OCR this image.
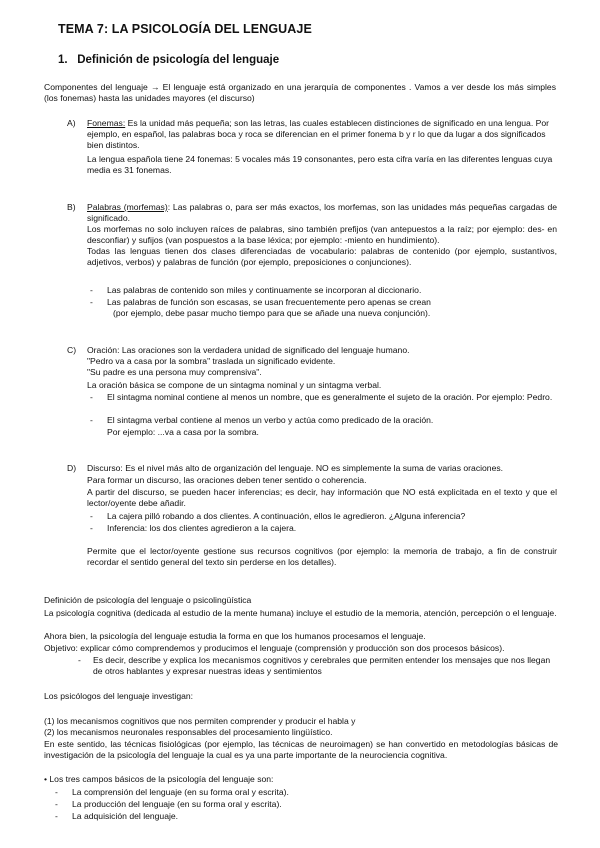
TEMA 7: LA PSICOLOGÍA DEL LENGUAJE
1. Definición de psicología del lenguaje

Componentes del lenguaje → El lenguaje está organizado en una jerarquía de componentes . Vamos a ver desde los más simples (los fonemas) hasta las unidades mayores (el discurso)

A) Fonemas: Es la unidad más pequeña; son las letras, las cuales establecen distinciones de significado en una lengua. Por ejemplo, en español, las palabras boca y roca se diferencian en el primer fonema b y r lo que da lugar a dos significados bien distintos.

La lengua española tiene 24 fonemas: 5 vocales más 19 consonantes, pero esta cifra varía en las diferentes lenguas cuya media es 31 fonemas.

B) Palabras (morfemas): Las palabras o, para ser más exactos, los morfemas, son las unidades más pequeñas cargadas de significado.

Los morfemas no solo incluyen raíces de palabras, sino también prefijos (van antepuestos a la raíz; por ejemplo: des- en desconfiar) y sufijos (van pospuestos a la base léxica; por ejemplo: -miento en hundimiento).

Todas las lenguas tienen dos clases diferenciadas de vocabulario: palabras de contenido (por ejemplo, sustantivos, adjetivos, verbos) y palabras de función (por ejemplo, preposiciones o conjunciones).

- Las palabras de contenido son miles y continuamente se incorporan al diccionario.

- Las palabras de función son escasas, se usan frecuentemente pero apenas se crean

(por ejemplo, debe pasar mucho tiempo para que se añade una nueva conjunción).

C) Oración: Las oraciones son la verdadera unidad de significado del lenguaje humano.

"Pedro va a casa por la sombra" traslada un significado evidente.

"Su padre es una persona muy comprensiva".

La oración básica se compone de un sintagma nominal y un sintagma verbal.

- El sintagma nominal contiene al menos un nombre, que es generalmente el sujeto de la oración. Por ejemplo: Pedro.

- El sintagma verbal contiene al menos un verbo y actúa como predicado de la oración.

Por ejemplo: ...va a casa por la sombra.

D) Discurso: Es el nivel más alto de organización del lenguaje. NO es simplemente la suma de varias oraciones.

Para formar un discurso, las oraciones deben tener sentido o coherencia.

A partir del discurso, se pueden hacer inferencias; es decir, hay información que NO está explicitada en el texto y que el lector/oyente debe añadir.

- La cajera pilló robando a dos clientes. A continuación, ellos le agredieron. ¿Alguna inferencia?

- Inferencia: los dos clientes agredieron a la cajera.

Permite que el lector/oyente gestione sus recursos cognitivos (por ejemplo: la memoria de trabajo, a fin de construir recordar el sentido general del texto sin perderse en los detalles).

Definición de psicología del lenguaje o psicolingüística

La psicología cognitiva (dedicada al estudio de la mente humana) incluye el estudio de la memoria, atención, percepción o el lenguaje.

Ahora bien, la psicología del lenguaje estudia la forma en que los humanos procesamos el lenguaje.

Objetivo: explicar cómo comprendemos y producimos el lenguaje (comprensión y producción son dos procesos básicos).

- Es decir, describe y explica los mecanismos cognitivos y cerebrales que permiten entender los mensajes que nos llegan de otros hablantes y expresar nuestras ideas y sentimientos

Los psicólogos del lenguaje investigan:

(1) los mecanismos cognitivos que nos permiten comprender y producir el habla y

(2) los mecanismos neuronales responsables del procesamiento lingüístico.

En este sentido, las técnicas fisiológicas (por ejemplo, las técnicas de neuroimagen) se han convertido en metodologías básicas de investigación de la psicología del lenguaje la cual es ya una parte importante de la neurociencia cognitiva.

• Los tres campos básicos de la psicología del lenguaje son:

- La comprensión del lenguaje (en su forma oral y escrita).

- La producción del lenguaje (en su forma oral y escrita).

- La adquisición del lenguaje.
